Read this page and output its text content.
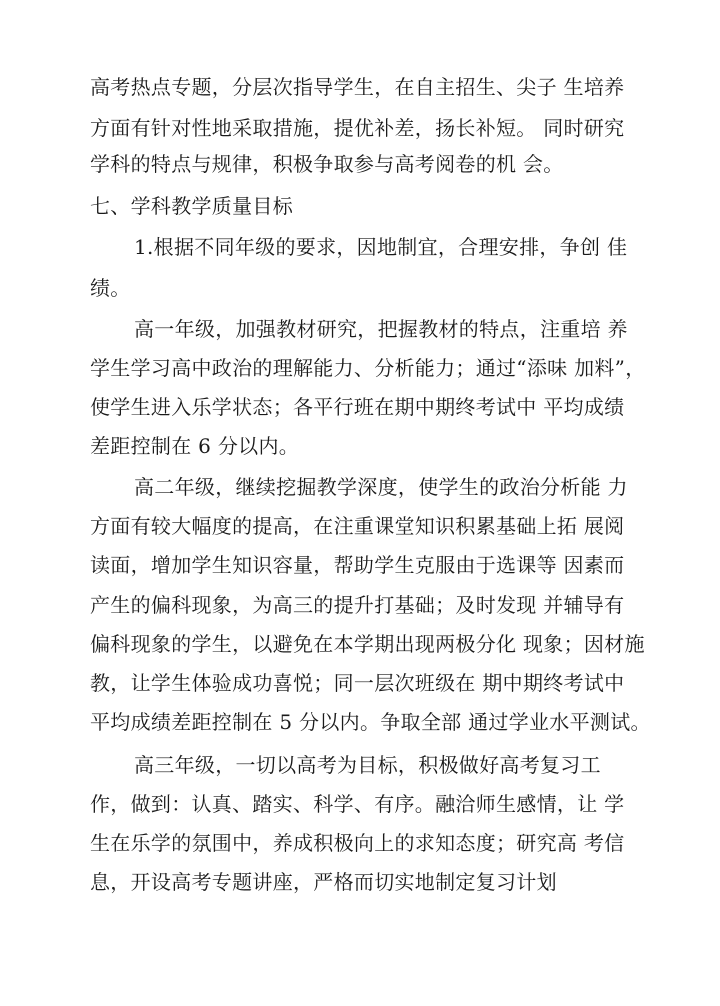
高考热点专题，分层次指导学生，在自主招生、尖子 生培养

方面有针对性地采取措施，提优补差，扬长补短。 同时研究

学科的特点与规律，积极争取参与高考阅卷的机 会。

七、学科教学质量目标

1.根据不同年级的要求，因地制宜，合理安排，争创 佳

绩。

高一年级，加强教材研究，把握教材的特点，注重培 养

学生学习高中政治的理解能力、分析能力；通过“添味 加料”，

使学生进入乐学状态；各平行班在期中期终考试中 平均成绩

差距控制在 6 分以内。

高二年级，继续挖掘教学深度，使学生的政治分析能 力

方面有较大幅度的提高，在注重课堂知识积累基础上拓 展阅

读面，增加学生知识容量，帮助学生克服由于选课等 因素而

产生的偏科现象，为高三的提升打基础；及时发现 并辅导有

偏科现象的学生，以避免在本学期出现两极分化 现象；因材施

教，让学生体验成功喜悦；同一层次班级在 期中期终考试中

平均成绩差距控制在 5 分以内。争取全部 通过学业水平测试。

高三年级，一切以高考为目标，积极做好高考复习工

作，做到：认真、踏实、科学、有序。融洽师生感情，让 学

生在乐学的氛围中，养成积极向上的求知态度；研究高 考信

息，开设高考专题讲座，严格而切实地制定复习计划
